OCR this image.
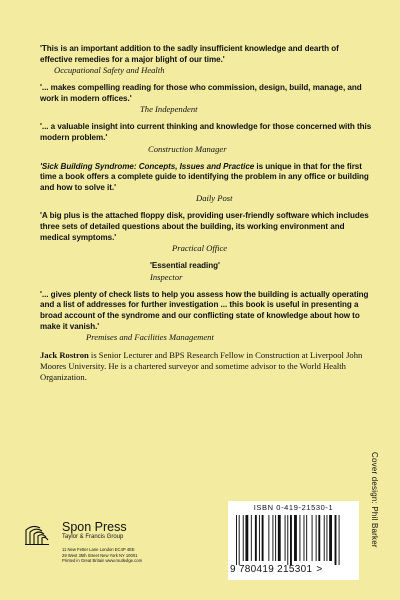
'This is an important addition to the sadly insufficient knowledge and dearth of effective remedies for a major blight of our time.'
Occupational Safety and Health
'... makes compelling reading for those who commission, design, build, manage, and work in modern offices.'
The Independent
'... a valuable insight into current thinking and knowledge for those concerned with this modern problem.'
Construction Manager
'Sick Building Syndrome: Concepts, Issues and Practice is unique in that for the first time a book offers a complete guide to identifying the problem in any office or building and how to solve it.'
Daily Post
'A big plus is the attached floppy disk, providing user-friendly software which includes three sets of detailed questions about the building, its working environment and medical symptoms.'
Practical Office
'Essential reading'
Inspector
'... gives plenty of check lists to help you assess how the building is actually operating and a list of addresses for further investigation ... this book is useful in presenting a broad account of the syndrome and our conflicting state of knowledge about how to make it vanish.'
Premises and Facilities Management
Jack Rostron is Senior Lecturer and BPS Research Fellow in Construction at Liverpool John Moores University. He is a chartered surveyor and sometime advisor to the World Health Organization.
Cover design: Phil Barker
Spon Press
Taylor & Francis Group
11 New Fetter Lane London EC4P 4EE
29 West 35th Street New York NY 10001
Printed in Great Britain www.routledge.com
ISBN 0-419-21530-1
9 780419 215301 >
